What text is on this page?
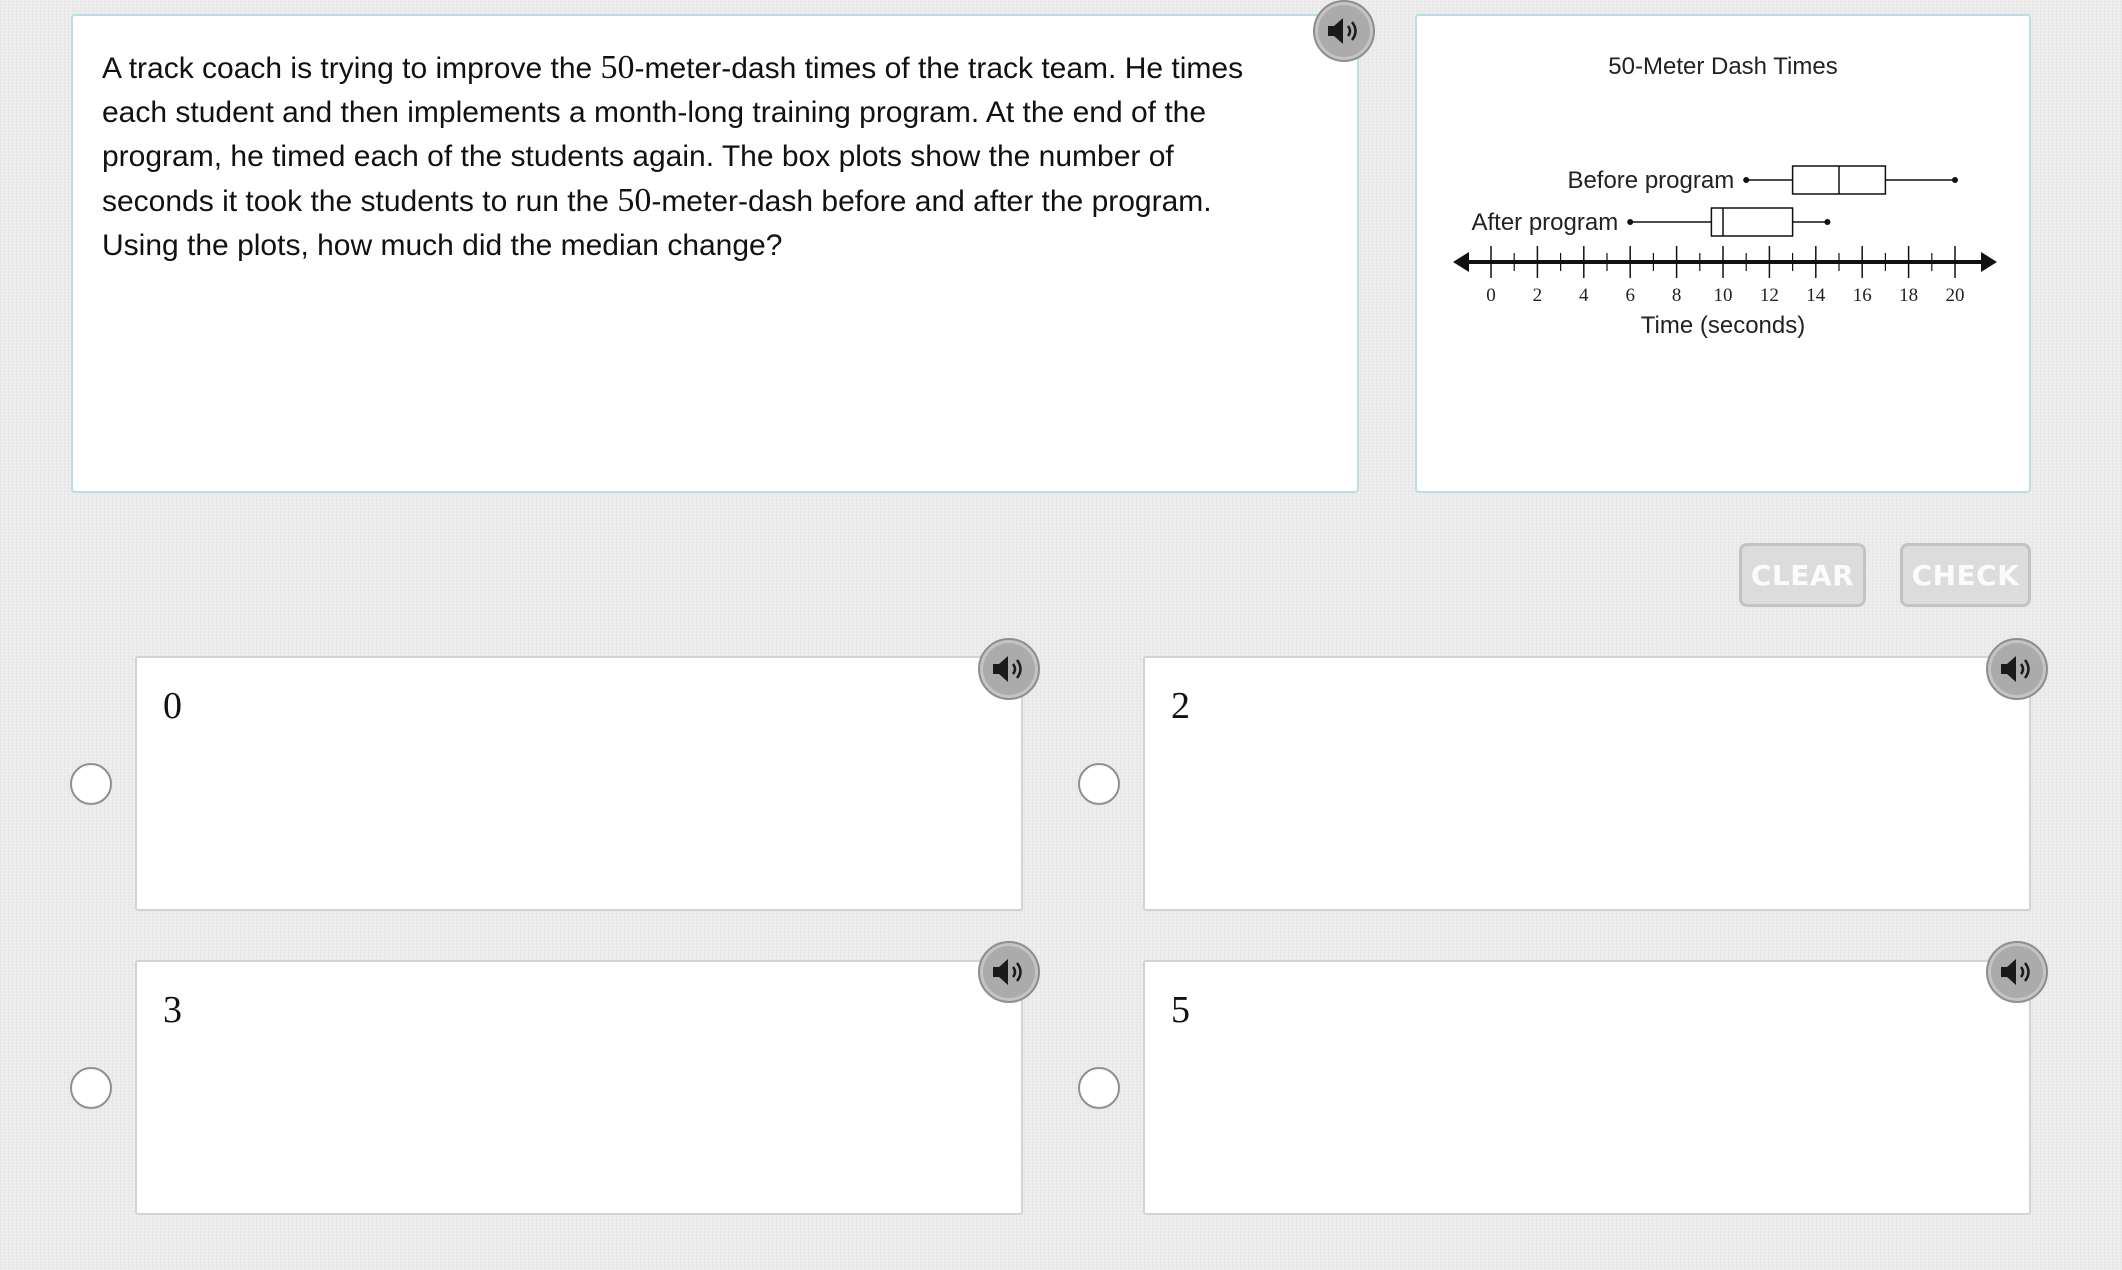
A track coach is trying to improve the 50-meter-dash times of the track team. He times
each student and then implements a month-long training program. At the end of the
program, he timed each of the students again. The box plots show the number of
seconds it took the students to run the 50-meter-dash before and after the program.
Using the plots, how much did the median change?
50-Meter Dash Times
0 2 4 6 8 10 12 14 16 18 20
Time (seconds)
Before program
After program
CLEAR	CHECK
0	2
3	5
